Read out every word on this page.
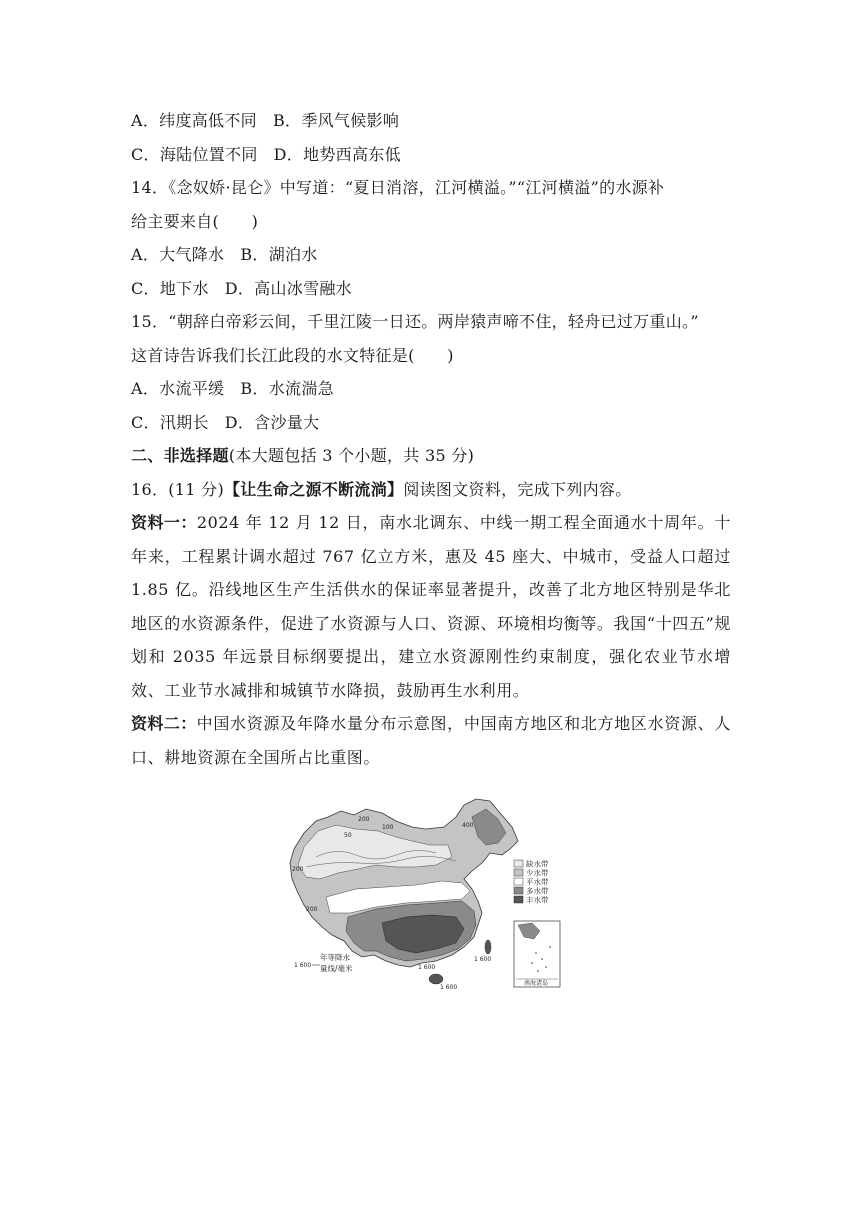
A．纬度高低不同 B．季风气候影响
C．海陆位置不同 D．地势西高东低
14．《念奴娇·昆仑》中写道：“夏日消溶，江河横溢。”“江河横溢”的水源补
给主要来自(　　)
A．大气降水 B．湖泊水
C．地下水 D．高山冰雪融水
15．“朝辞白帝彩云间，千里江陵一日还。两岸猿声啼不住，轻舟已过万重山。”
这首诗告诉我们长江此段的水文特征是(　　)
A．水流平缓 B．水流湍急
C．汛期长 D．含沙量大
二、非选择题(本大题包括 3 个小题，共 35 分)
16．(11 分)【让生命之源不断流淌】阅读图文资料，完成下列内容。
资料一：2024 年 12 月 12 日，南水北调东、中线一期工程全面通水十周年。十年来，工程累计调水超过 767 亿立方米，惠及 45 座大、中城市，受益人口超过 1.85 亿。沿线地区生产生活供水的保证率显著提升，改善了北方地区特别是华北地区的水资源条件，促进了水资源与人口、资源、环境相均衡等。我国“十四五”规划和 2035 年远景目标纲要提出，建立水资源刚性约束制度，强化农业节水增效、工业节水减排和城镇节水降损，鼓励再生水利用。
资料二：中国水资源及年降水量分布示意图，中国南方地区和北方地区水资源、人口、耕地资源在全国所占比重图。
400
200
50
200
100
200
1 600
1 600
1 600
1 600
年等降水
量线/毫米
缺水带
少水带
平水带
多水带
丰水带
南海诸岛
